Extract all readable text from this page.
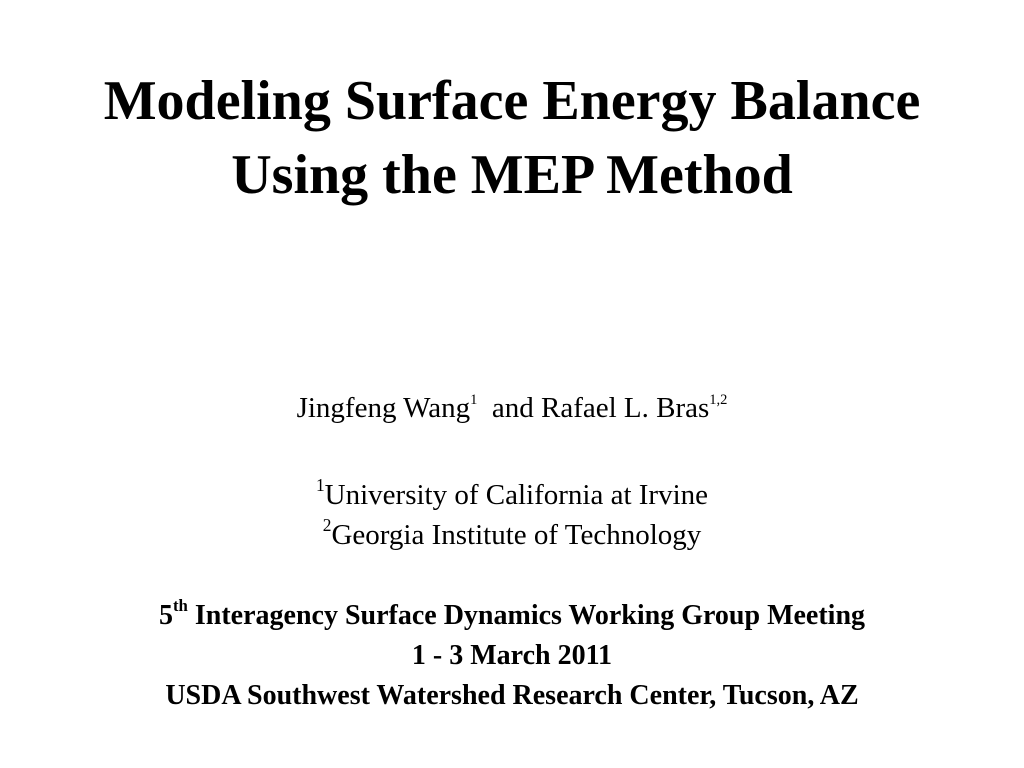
Modeling Surface Energy Balance
Using the MEP Method

Jingfeng Wang$^1$ and Rafael L. Bras$^{1,2}$

$^1$University of California at Irvine
$^2$Georgia Institute of Technology
5th Interagency Surface Dynamics Working Group Meeting
1 - 3 March 2011
USDA Southwest Watershed Research Center, Tucson, AZ
